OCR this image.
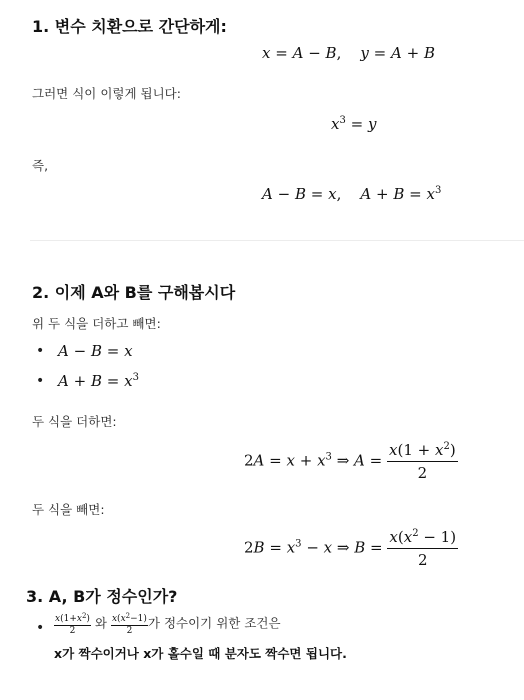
1. 변수 치환으로 간단하게:
x = A − B,    y = A + B
그러면 식이 이렇게 됩니다:
$x^3 = y$
즉,
A − B = x,    $A + B = x^3$
2. 이제 A와 B를 구해봅시다
위 두 식을 더하고 빼면:
• A − B = x
• $A + B = x^3$
두 식을 더하면:
$2A = x + x^3$ ⇒ $A = \frac{x(1 + x^2)}{2}$
두 식을 빼면:
$2B = x^3 - x$ ⇒ $B = \frac{x(x^2 - 1)}{2}$
3. A, B가 정수인가?
• $\frac{x(1+x^2)}{2}$ 와 $\frac{x(x^2-1)}{2}$ 가 정수이기 위한 조건은
x가 짝수이거나 x가 홀수일 때 분자도 짝수면 됩니다.
